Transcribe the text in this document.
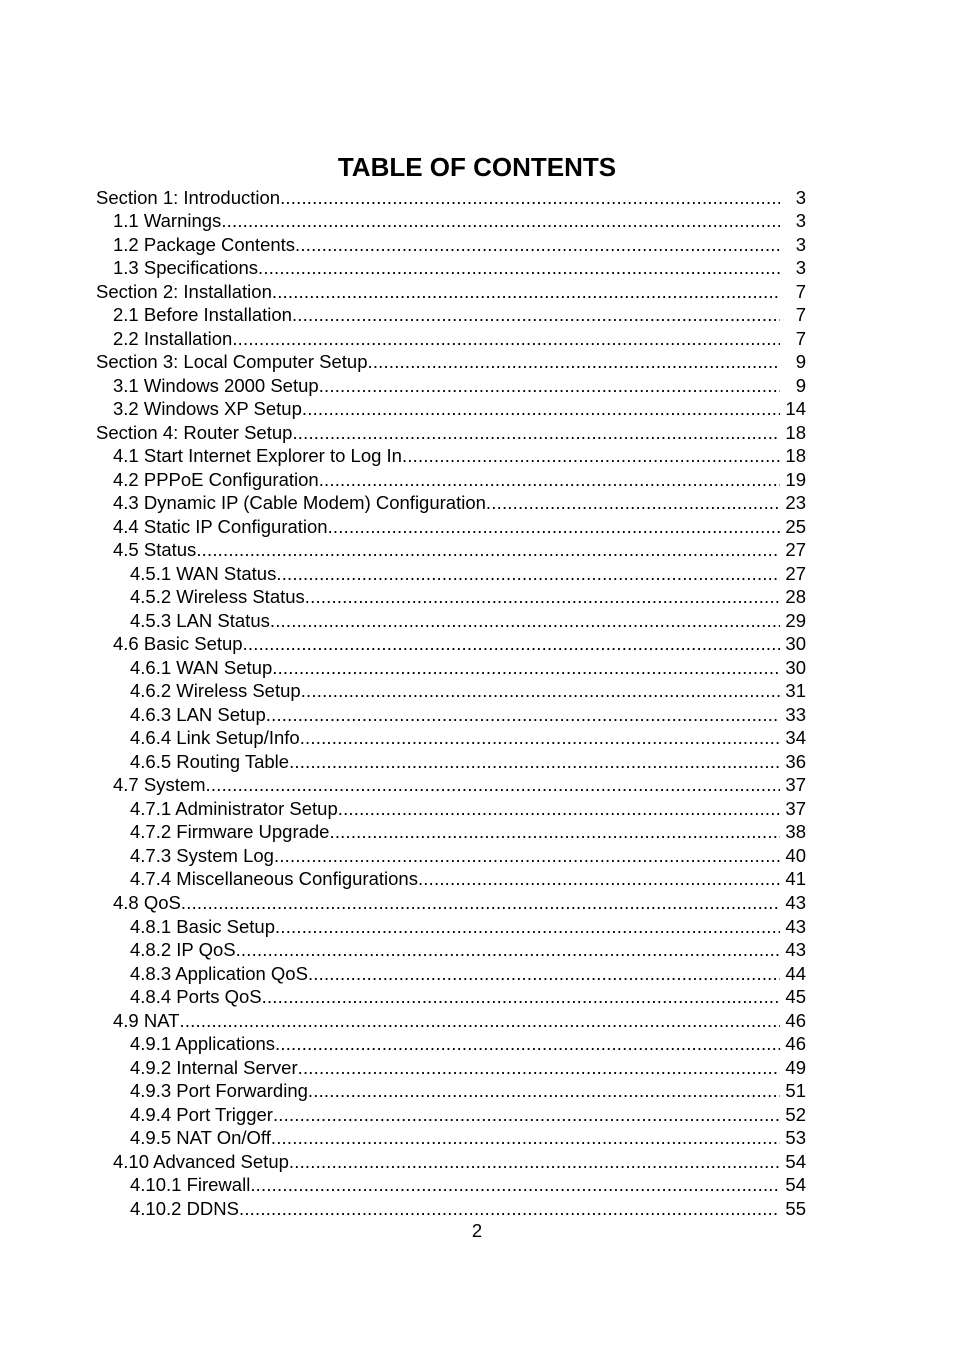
TABLE OF CONTENTS
Section 1: Introduction .....	3
1.1 Warnings .....	3
1.2 Package Contents .....	3
1.3 Specifications .....	3
Section 2: Installation .....	7
2.1 Before Installation .....	7
2.2 Installation .....	7
Section 3: Local Computer Setup .....	9
3.1 Windows 2000 Setup .....	9
3.2 Windows XP Setup .....	14
Section 4: Router Setup .....	18
4.1 Start Internet Explorer to Log In .....	18
4.2 PPPoE Configuration .....	19
4.3 Dynamic IP (Cable Modem) Configuration .....	23
4.4 Static IP Configuration .....	25
4.5 Status .....	27
4.5.1 WAN Status .....	27
4.5.2 Wireless Status .....	28
4.5.3 LAN Status .....	29
4.6 Basic Setup .....	30
4.6.1 WAN Setup .....	30
4.6.2 Wireless Setup .....	31
4.6.3 LAN Setup .....	33
4.6.4 Link Setup/Info .....	34
4.6.5 Routing Table .....	36
4.7 System .....	37
4.7.1 Administrator Setup .....	37
4.7.2 Firmware Upgrade .....	38
4.7.3 System Log .....	40
4.7.4 Miscellaneous Configurations .....	41
4.8 QoS .....	43
4.8.1 Basic Setup .....	43
4.8.2 IP QoS .....	43
4.8.3 Application QoS .....	44
4.8.4 Ports QoS .....	45
4.9 NAT .....	46
4.9.1 Applications .....	46
4.9.2 Internal Server .....	49
4.9.3 Port Forwarding .....	51
4.9.4 Port Trigger .....	52
4.9.5 NAT On/Off .....	53
4.10 Advanced Setup .....	54
4.10.1 Firewall .....	54
4.10.2 DDNS .....	55
2
